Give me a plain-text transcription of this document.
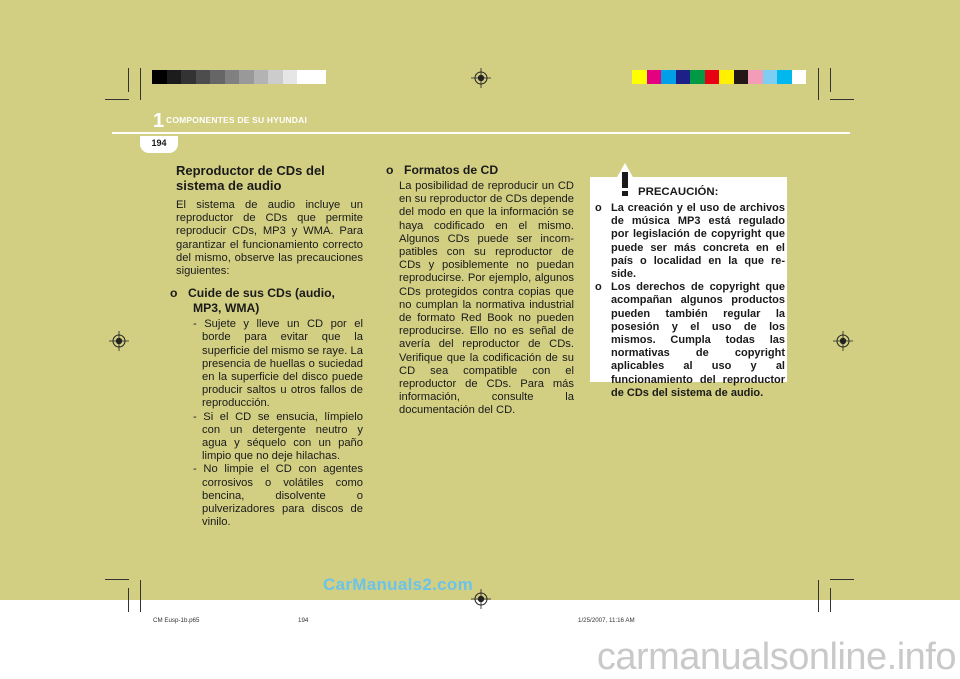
1 COMPONENTES DE SU HYUNDAI
194
Reproductor de CDs del sistema de audio
El sistema de audio incluye un reproductor de CDs que permite reproducir CDs, MP3 y WMA. Para garantizar el funcionamiento correcto del mismo, observe las precauciones siguientes:
o Cuide de sus CDs (audio, MP3, WMA)
- Sujete y lleve un CD por el borde para evitar que la superficie del mismo se raye. La presencia de huellas o suciedad en la superficie del disco puede producir saltos u otros fallos de reproducción.
- Si el CD se ensucia, límpielo con un detergente neutro y agua y séquelo con un paño limpio que no deje hilachas.
- No limpie el CD con agentes corrosivos o volátiles como bencina, disolvente o pulverizadores para discos de vinilo.
o Formatos de CD
La posibilidad de reproducir un CD en su reproductor de CDs depende del modo en que la información se haya codificado en el mismo. Algunos CDs puede ser incom-patibles con su reproductor de CDs y posiblemente no puedan reproducirse. Por ejemplo, algunos CDs protegidos contra copias que no cumplan la normativa industrial de formato Red Book no pueden reproducirse. Ello no es señal de avería del reproductor de CDs. Verifique que la codificación de su CD sea compatible con el reproductor de CDs. Para más información, consulte la documentación del CD.
PRECAUCIÓN:
o La creación y el uso de archivos de música MP3 está regulado por legislación de copyright que puede ser más concreta en el país o localidad en la que re-side.
o Los derechos de copyright que acompañan algunos productos pueden también regular la posesión y el uso de los mismos. Cumpla todas las normativas de copyright aplicables al uso y al funcionamiento del reproductor de CDs del sistema de audio.
CarManuals2.com
CM Eusp-1b.p65	194	1/25/2007, 11:16 AM
carmanualsonline.info
